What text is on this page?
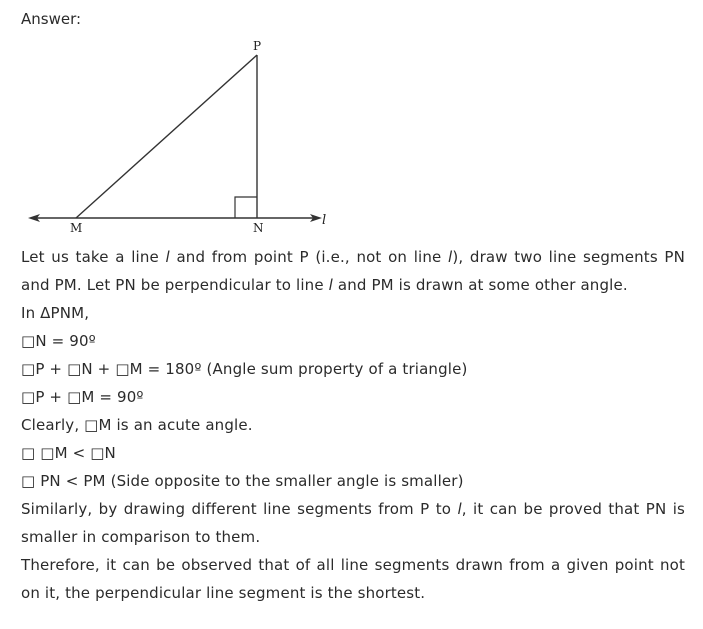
Answer:
P
M	N	l

Let us take a line l and from point P (i.e., not on line l), draw two line segments PN and PM. Let PN be perpendicular to line l and PM is drawn at some other angle.

In ΔPNM,

□N = 90º

□P + □N + □M = 180º (Angle sum property of a triangle)

□P + □M = 90º

Clearly, □M is an acute angle.

□ □M < □N

□ PN < PM (Side opposite to the smaller angle is smaller)

Similarly, by drawing different line segments from P to l, it can be proved that PN is smaller in comparison to them.

Therefore, it can be observed that of all line segments drawn from a given point not on it, the perpendicular line segment is the shortest.
